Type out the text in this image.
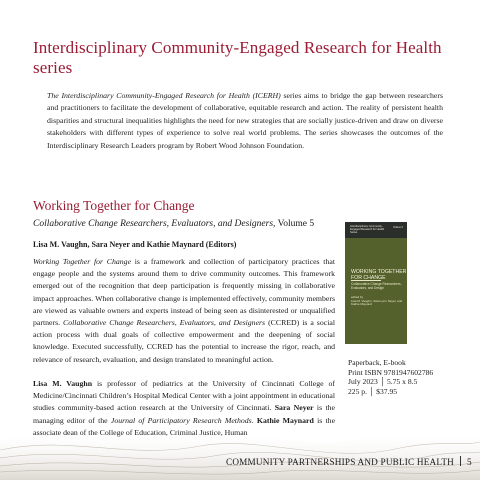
Interdisciplinary Community-Engaged Research for Health series

The Interdisciplinary Community-Engaged Research for Health (ICERH) series aims to bridge the gap between researchers and practitioners to facilitate the development of collaborative, equitable research and action. The reality of persistent health disparities and structural inequalities highlights the need for new strategies that are socially justice-driven and draw on diverse stakeholders with different types of experience to solve real world problems. The series showcases the outcomes of the Interdisciplinary Research Leaders program by Robert Wood Johnson Foundation.

Working Together for Change

Collaborative Change Researchers, Evaluators, and Designers, Volume 5

Lisa M. Vaughn, Sara Neyer and Kathie Maynard (Editors)

Working Together for Change is a framework and collection of participatory practices that engage people and the systems around them to drive community outcomes. This framework emerged out of the recognition that deep participation is frequently missing in collaborative impact approaches. When collaborative change is implemented effectively, community members are viewed as valuable owners and experts instead of being seen as disinterested or unqualified partners. Collaborative Change Researchers, Evaluators, and Designers (CCRED) is a social action process with dual goals of collective empowerment and the deepening of social knowledge. Executed successfully, CCRED has the potential to increase the rigor, reach, and relevance of research, evaluation, and design translated to meaningful action.

Lisa M. Vaughn is professor of pediatrics at the University of Cincinnati College of Medicine/Cincinnati Children’s Hospital Medical Center with a joint appointment in educational studies community-based action research at the University of Cincinnati. Sara Neyer is the managing editor of the Journal of Participatory Research Methods. Kathie Maynard is the associate dean of the College of Education, Criminal Justice, Human

Interdisciplinary Community-Engaged Research for Health Series
Volume 5
WORKING TOGETHER
FOR CHANGE
Collaborative Change Researchers, Evaluators, and Design
edited by
Lisa M. Vaughn, Sara Lynn Neyer, and Kathie Maynard
Paperback, E-book
Print ISBN 9781947602786
July 2023 │ 5.75 x 8.5
225 p. │ $37.95
COMMUNITY PARTNERSHIPS AND PUBLIC HEALTH 5
